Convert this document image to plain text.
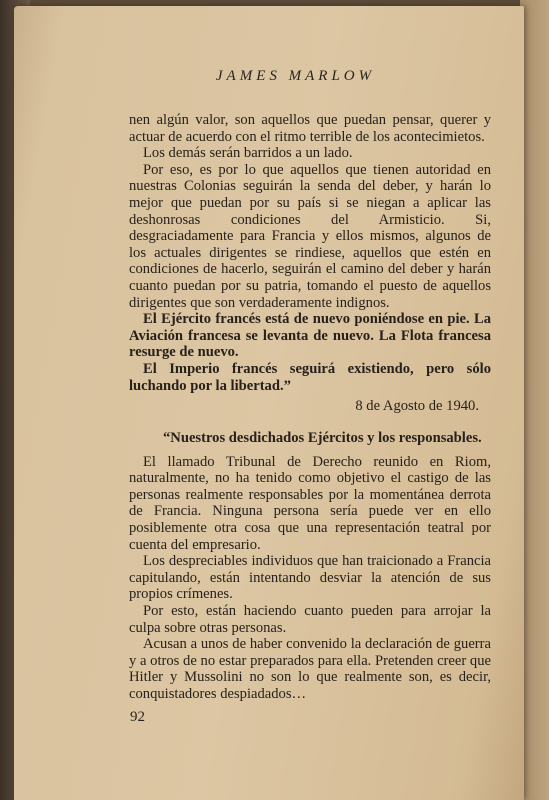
JAMES MARLOW

nen algún valor, son aquellos que puedan pensar, querer y actuar de acuerdo con el ritmo terrible de los acontecimietos.

Los demás serán barridos a un lado.

Por eso, es por lo que aquellos que tienen autoridad en nuestras Colonias seguirán la senda del deber, y harán lo mejor que puedan por su país si se niegan a aplicar las deshonrosas condiciones del Armisticio. Si, desgraciadamente para Francia y ellos mismos, algunos de los actuales dirigentes se rindiese, aquellos que estén en condiciones de hacerlo, seguirán el camino del deber y harán cuanto puedan por su patria, tomando el puesto de aquellos dirigentes que son verdaderamente indignos.

El Ejército francés está de nuevo poniéndose en pie. La Aviación francesa se levanta de nuevo. La Flota francesa resurge de nuevo.

El Imperio francés seguirá existiendo, pero sólo luchando por la libertad.”

8 de Agosto de 1940.

“Nuestros desdichados Ejércitos y los responsables.

El llamado Tribunal de Derecho reunido en Riom, naturalmente, no ha tenido como objetivo el castigo de las personas realmente responsables por la momentánea derrota de Francia. Ninguna persona sería puede ver en ello posiblemente otra cosa que una representación teatral por cuenta del empresario.

Los despreciables individuos que han traicionado a Francia capitulando, están intentando desviar la atención de sus propios crímenes.

Por esto, están haciendo cuanto pueden para arrojar la culpa sobre otras personas.

Acusan a unos de haber convenido la declaración de guerra y a otros de no estar preparados para ella. Pretenden creer que Hitler y Mussolini no son lo que realmente son, es decir, conquistadores despiadados…

92
